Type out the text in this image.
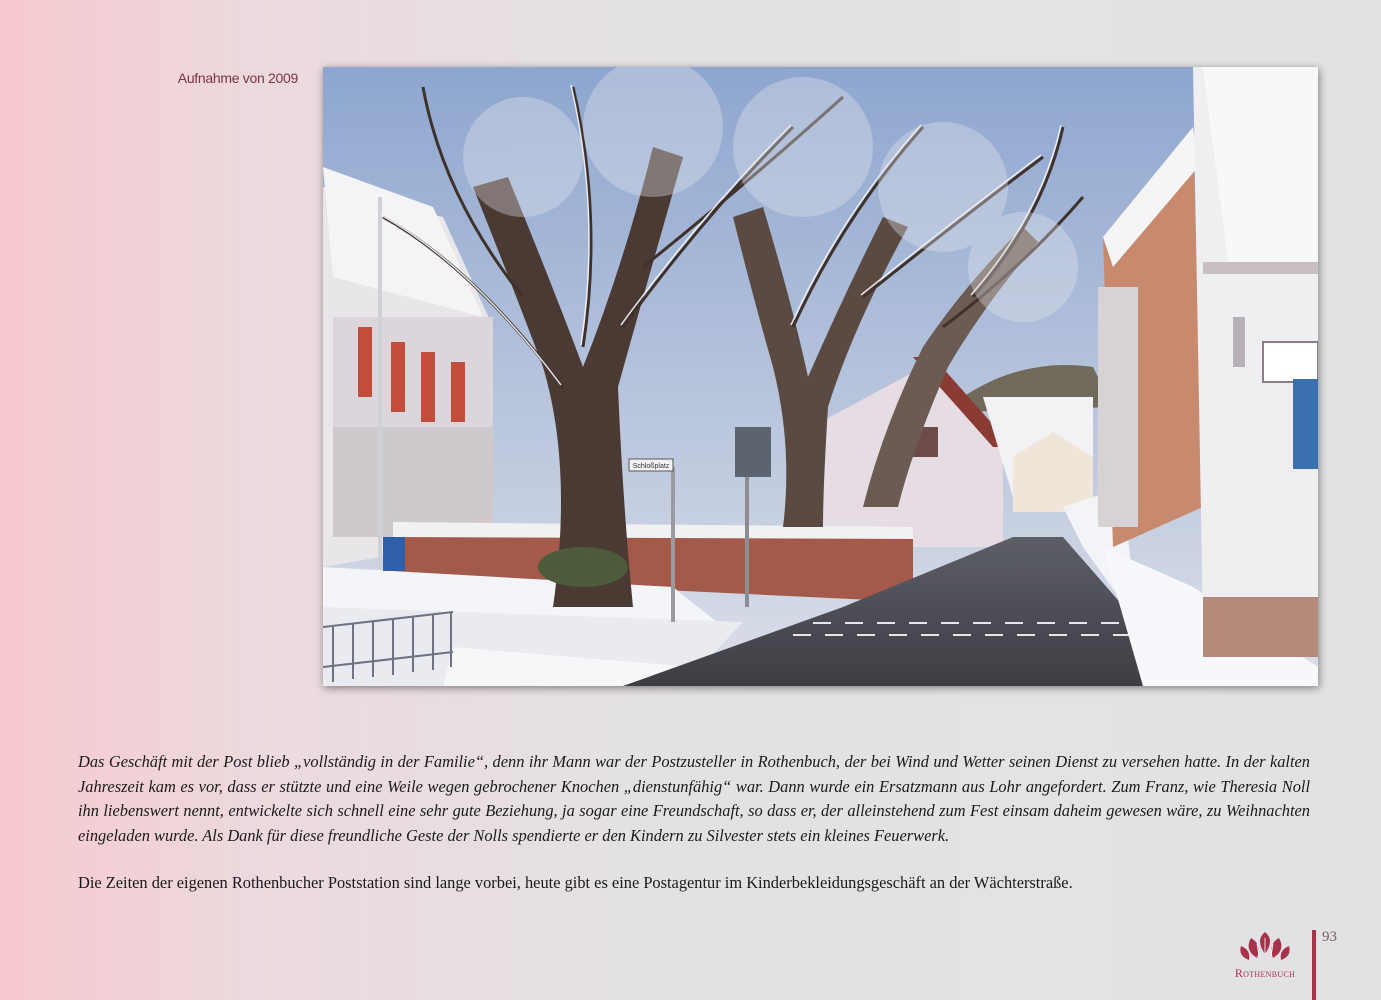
Aufnahme von 2009
Schloßplatz

Das Geschäft mit der Post blieb „vollständig in der Familie“, denn ihr Mann war der Postzusteller in Rothenbuch, der bei Wind und Wetter seinen Dienst zu versehen hatte. In der kalten Jahreszeit kam es vor, dass er stützte und eine Weile wegen gebrochener Knochen „dienstunfähig“ war. Dann wurde ein Ersatzmann aus Lohr angefordert. Zum Franz, wie Theresia Noll ihn liebenswert nennt, entwickelte sich schnell eine sehr gute Beziehung, ja sogar eine Freundschaft, so dass er, der alleinstehend zum Fest einsam daheim gewesen wäre, zu Weihnachten eingeladen wurde. Als Dank für diese freundliche Geste der Nolls spendierte er den Kindern zu Silvester stets ein kleines Feuerwerk.

Die Zeiten der eigenen Rothenbucher Poststation sind lange vorbei, heute gibt es eine Postagentur im Kinderbekleidungsgeschäft an der Wächterstraße.

Rothenbuch
93
